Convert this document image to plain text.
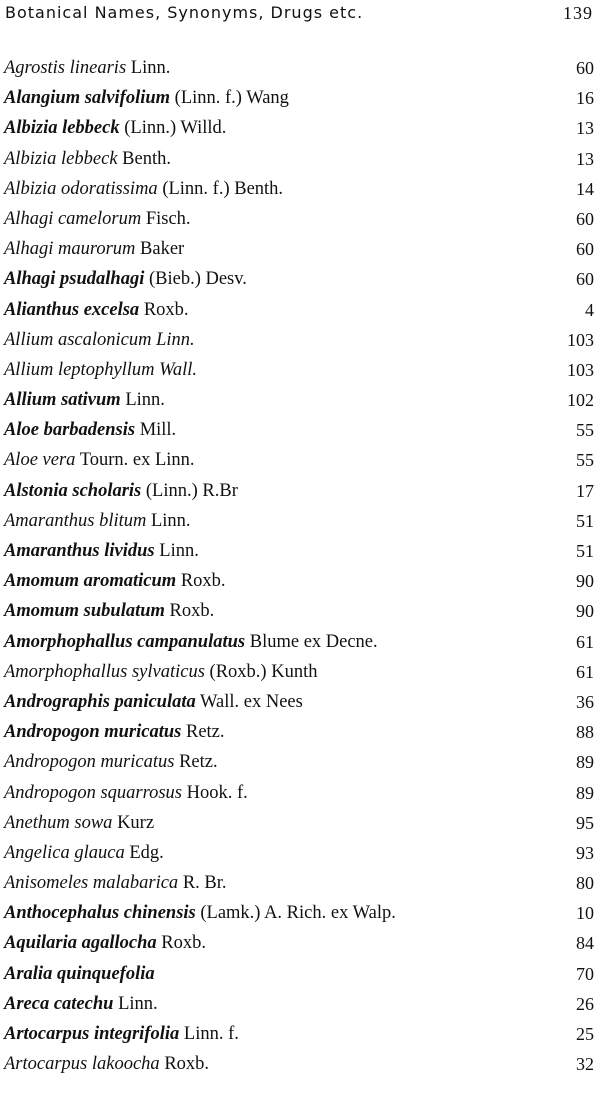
Botanical Names, Synonyms, Drugs etc.	139
Agrostis linearis Linn.	60
Alangium salvifolium (Linn. f.) Wang	16
Albizia lebbeck (Linn.) Willd.	13
Albizia lebbeck Benth.	13
Albizia odoratissima (Linn. f.) Benth.	14
Alhagi camelorum Fisch.	60
Alhagi maurorum Baker	60
Alhagi psudalhagi (Bieb.) Desv.	60
Alianthus excelsa Roxb.	4
Allium ascalonicum Linn.	103
Allium leptophyllum Wall.	103
Allium sativum Linn.	102
Aloe barbadensis Mill.	55
Aloe vera Tourn. ex Linn.	55
Alstonia scholaris (Linn.) R.Br	17
Amaranthus blitum Linn.	51
Amaranthus lividus Linn.	51
Amomum aromaticum Roxb.	90
Amomum subulatum Roxb.	90
Amorphophallus campanulatus Blume ex Decne.	61
Amorphophallus sylvaticus (Roxb.) Kunth	61
Andrographis paniculata Wall. ex Nees	36
Andropogon muricatus Retz.	88
Andropogon muricatus Retz.	89
Andropogon squarrosus Hook. f.	89
Anethum sowa Kurz	95
Angelica glauca Edg.	93
Anisomeles malabarica R. Br.	80
Anthocephalus chinensis (Lamk.) A. Rich. ex Walp.	10
Aquilaria agallocha Roxb.	84
Aralia quinquefolia	70
Areca catechu Linn.	26
Artocarpus integrifolia Linn. f.	25
Artocarpus lakoocha Roxb.	32
